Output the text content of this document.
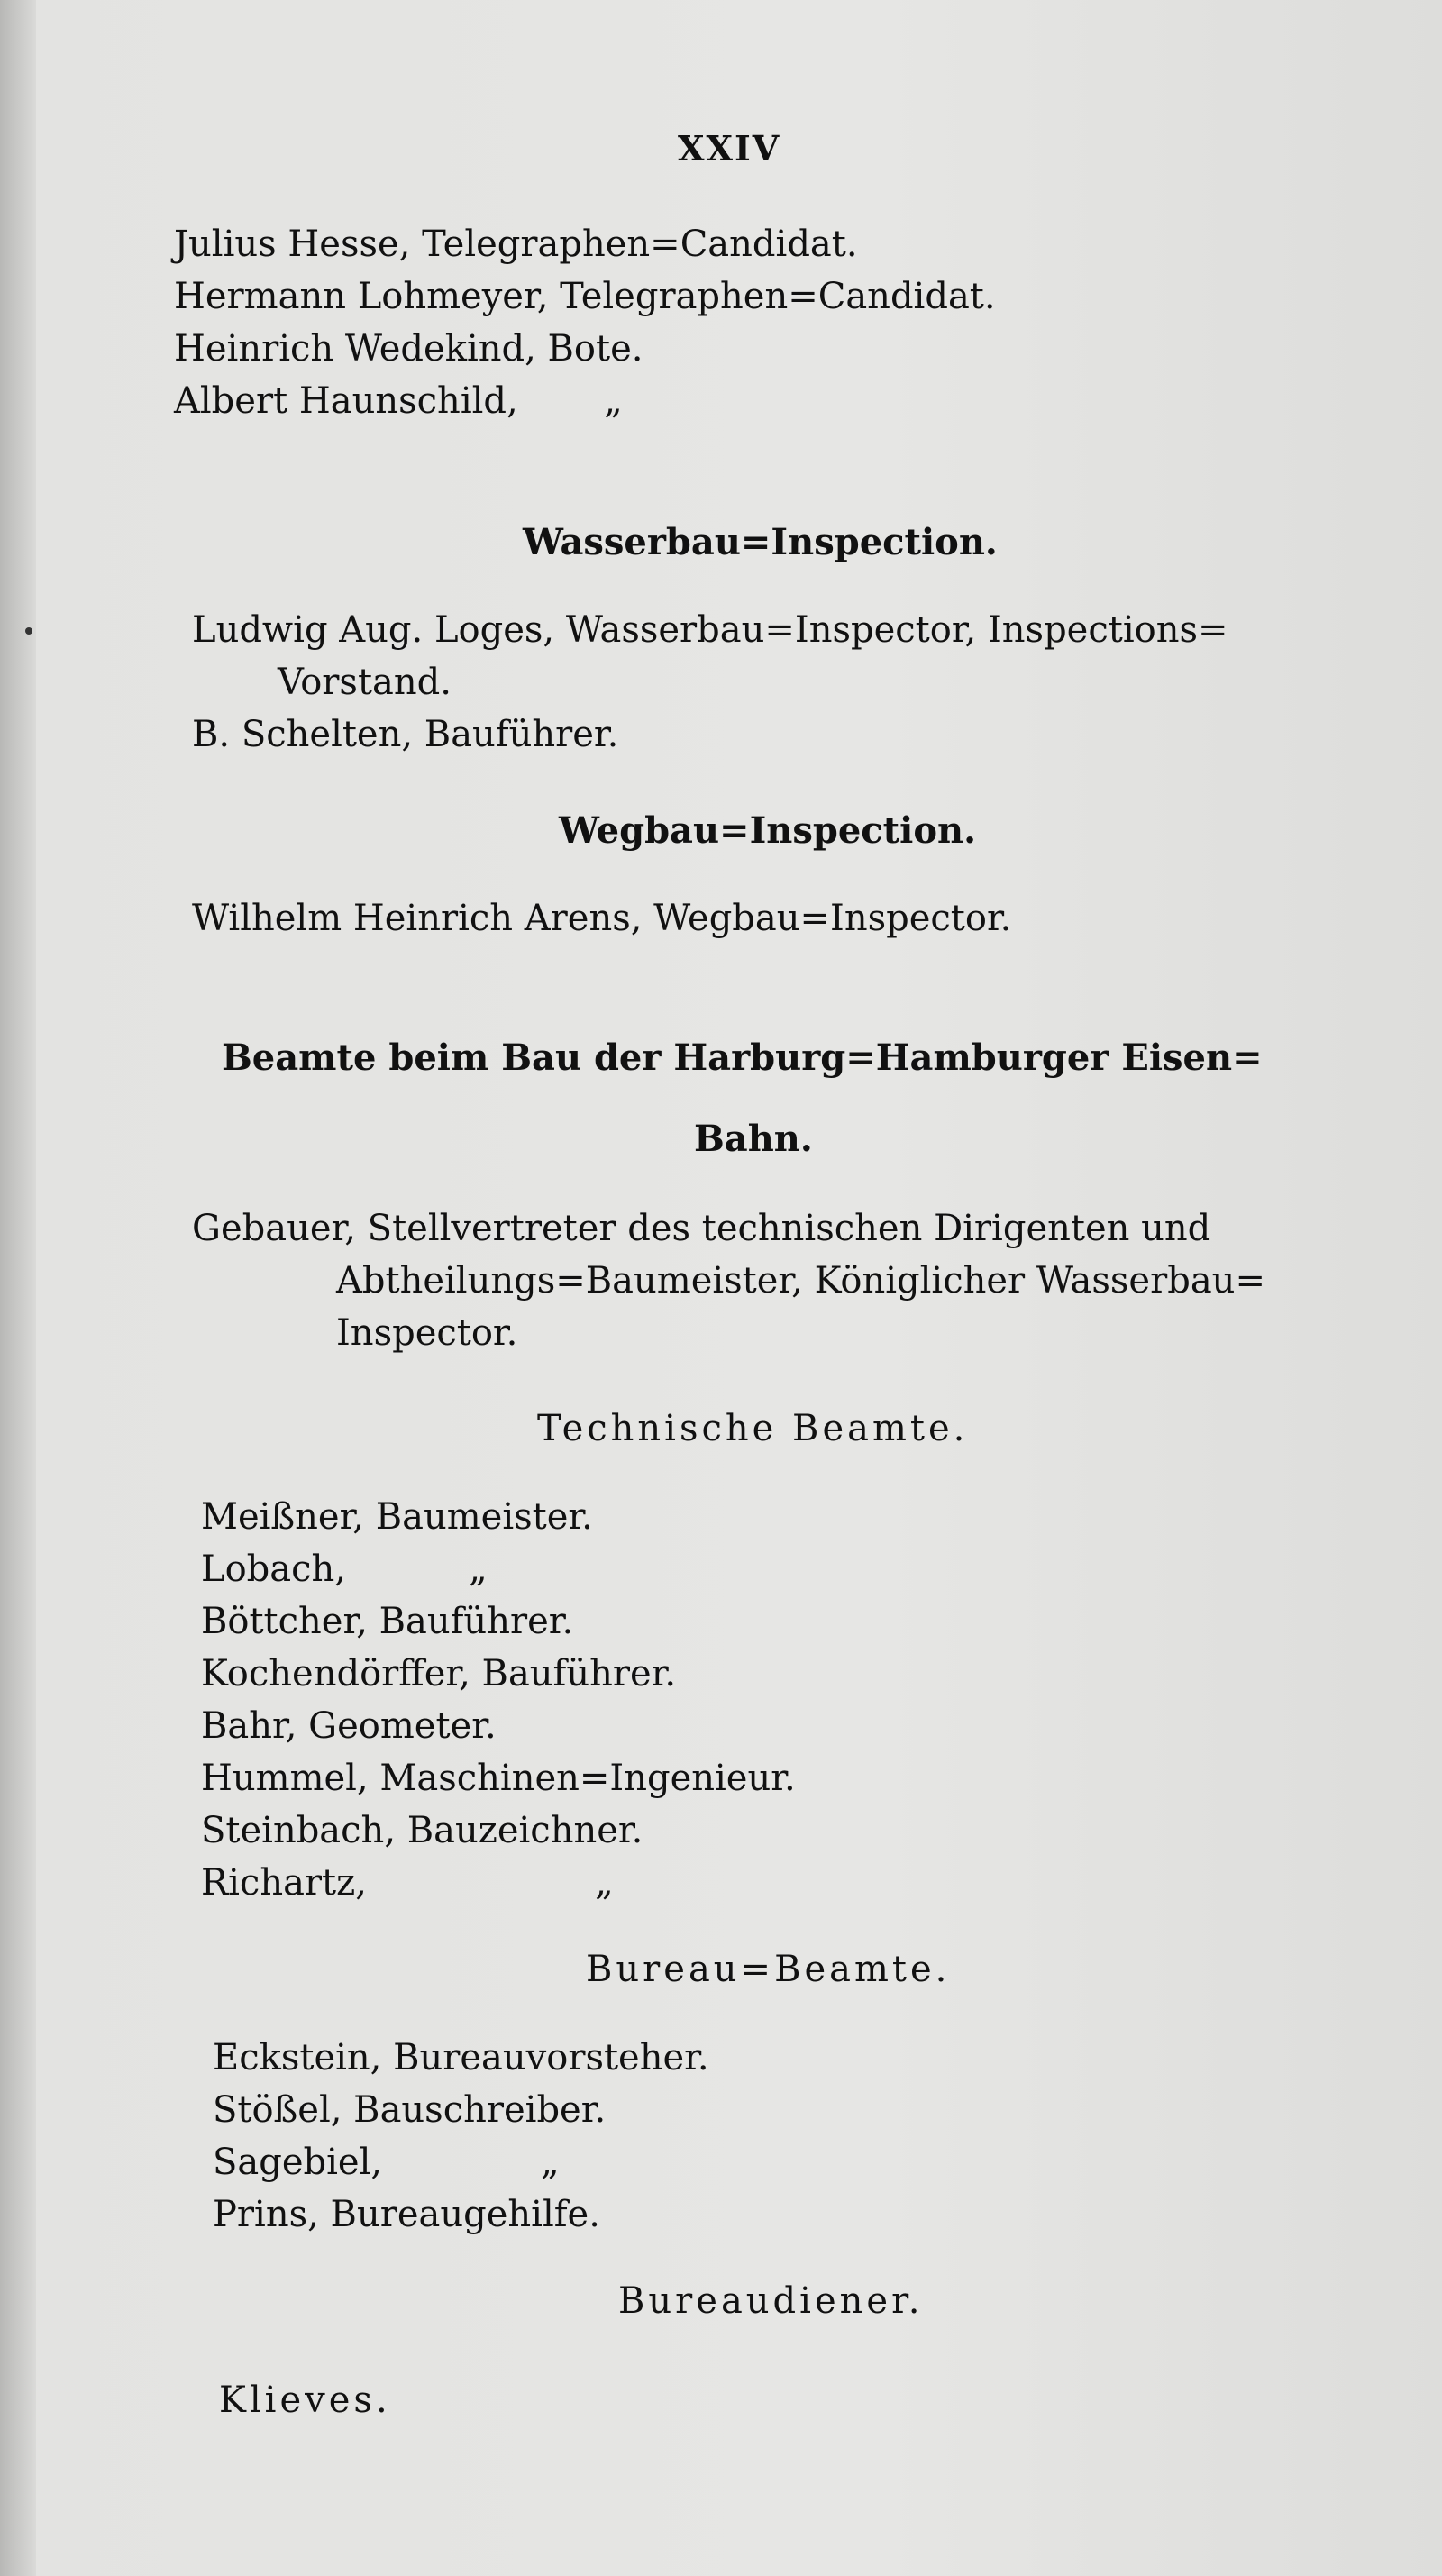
XXIV
Julius Hesse, Telegraphen=Candidat.
Hermann Lohmeyer, Telegraphen=Candidat.
Heinrich Wedekind, Bote.
Albert Haunschild, „
Wasserbau=Inspection.
Ludwig Aug. Loges, Wasserbau=Inspector, Inspections=
Vorstand.
B. Schelten, Bauführer.
Wegbau=Inspection.
Wilhelm Heinrich Arens, Wegbau=Inspector.
Beamte beim Bau der Harburg=Hamburger Eisen=
Bahn.
Gebauer, Stellvertreter des technischen Dirigenten und
Abtheilungs=Baumeister, Königlicher Wasserbau=
Inspector.
Technische Beamte.
Meißner, Baumeister.
Lobach,	„
Böttcher, Bauführer.
Kochendörffer, Bauführer.
Bahr, Geometer.
Hummel, Maschinen=Ingenieur.
Steinbach, Bauzeichner.
Richartz,	„
Bureau=Beamte.
Eckstein, Bureauvorsteher.
Stößel, Bauschreiber.
Sagebiel,	„
Prins, Bureaugehilfe.
Bureaudiener.
Klieves.
